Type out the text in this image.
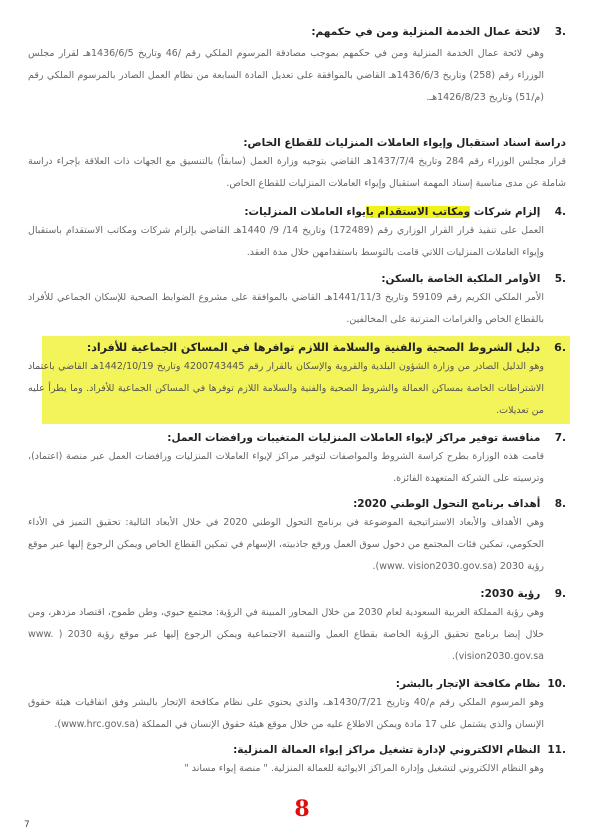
.3 لائحة عمال الخدمة المنزلية ومن في حكمهم:
وهي لائحة عمال الخدمة المنزلية ومن في حكمهم بموجب مصادقة المرسوم الملكي رقم /46 وتاريخ 1436/6/5هـ لقرار مجلس الوزراء رقم (258) وتاريخ 1436/6/3هـ القاضي بالموافقة على تعديل المادة السابعة من نظام العمل الصادر بالمرسوم الملكي رقم (م/51) وتاريخ 1426/8/23هـ.
دراسة اسناد استقبال وإيواء العاملات المنزليات للقطاع الخاص:
قرار مجلس الوزراء رقم 284 وتاريخ 1437/7/4هـ القاضي بتوجيه وزارة العمل (سابقاً) بالتنسيق مع الجهات ذات العلاقة بإجراء دراسة شاملة عن مدى مناسبة إسناد المهمة استقبال وإيواء العاملات المنزليات للقطاع الخاص.
.4 إلزام شركات ومكاتب الاستقدام بايواء العاملات المنزليات:
العمل على تنفيذ قرار القرار الوزاري رقم (172489) وتاريخ 14/ 9/ 1440هـ القاضي بإلزام شركات ومكاتب الاستقدام باستقبال وإيواء العاملات المنزليات اللاتي قامت بالتوسط باستقدامهن خلال مدة العقد.
.5 الأوامر الملكية الخاصة بالسكن:
الأمر الملكي الكريم رقم 59109 وتاريخ 1441/11/3هـ القاضي بالموافقة على مشروع الضوابط الصحية للإسكان الجماعي للأفراد بالقطاع الخاص والغرامات المترتبة على المخالفين.
.6 دليل الشروط الصحية والفنية والسلامة اللازم توافرها في المساكن الجماعية للأفراد:
وهو الدليل الصادر من وزارة الشؤون البلدية والقروية والإسكان بالقرار رقم 4200743445 وتاريخ 1442/10/19هـ القاضي باعتماد الاشتراطات الخاصة بمساكن العمالة والشروط الصحية والفنية والسلامة اللازم توفرها في المساكن الجماعية للأفراد. وما يطرأ عليه من تعديلات.
.7 منافسة توفير مراكز لإيواء العاملات المنزليات المتغيبات ورافضات العمل:
قامت هذه الوزارة بطرح كراسة الشروط والمواصفات لتوفير مراكز لإيواء العاملات المنزليات ورافضات العمل عبر منصة (اعتماد)، وترسيته على الشركة المتعهدة الفائزة.
.8 أهداف برنامج التحول الوطني 2020:
وهي الأهداف والأبعاد الاستراتيجية الموضوعة في برنامج التحول الوطني 2020 في خلال الأبعاد التالية: تحقيق التميز في الأداء الحكومي، تمكين فئات المجتمع من دخول سوق العمل ورفع جاذبيته، الإسهام في تمكين القطاع الخاص ويمكن الرجوع إليها عبر موقع رؤية 2030 (www. vision2030.gov.sa).
.9 رؤية 2030:
وهي رؤية المملكة العربية السعودية لعام 2030 من خلال المحاور المبينة في الرؤية: مجتمع حيوي، وطن طموح، اقتصاد مزدهر، ومن خلال إيضا برنامج تحقيق الرؤية الخاصة بقطاع العمل والتنمية الاجتماعية ويمكن الرجوع إليها عبر موقع رؤية 2030 ( www. vision2030.gov.sa).
.10 نظام مكافحة الإتجار بالبشر:
وهو المرسوم الملكي رقم م/40 وتاريخ 1430/7/21هـ، والذي يحتوي على نظام مكافحة الإتجار بالبشر وفق اتفاقيات هيئة حقوق الإنسان والذي يشتمل على 17 مادة ويمكن الاطلاع عليه من خلال موقع هيئة حقوق الإنسان في المملكة (www.hrc.gov.sa).
.11 النظام الالكتروني لإدارة تشغيل مراكز إيواء العمالة المنزلية:
وهو النظام الالكتروني لتشغيل وإدارة المراكز الايوائية للعمالة المنزلية. " منصة إيواء مساند "
8
7
